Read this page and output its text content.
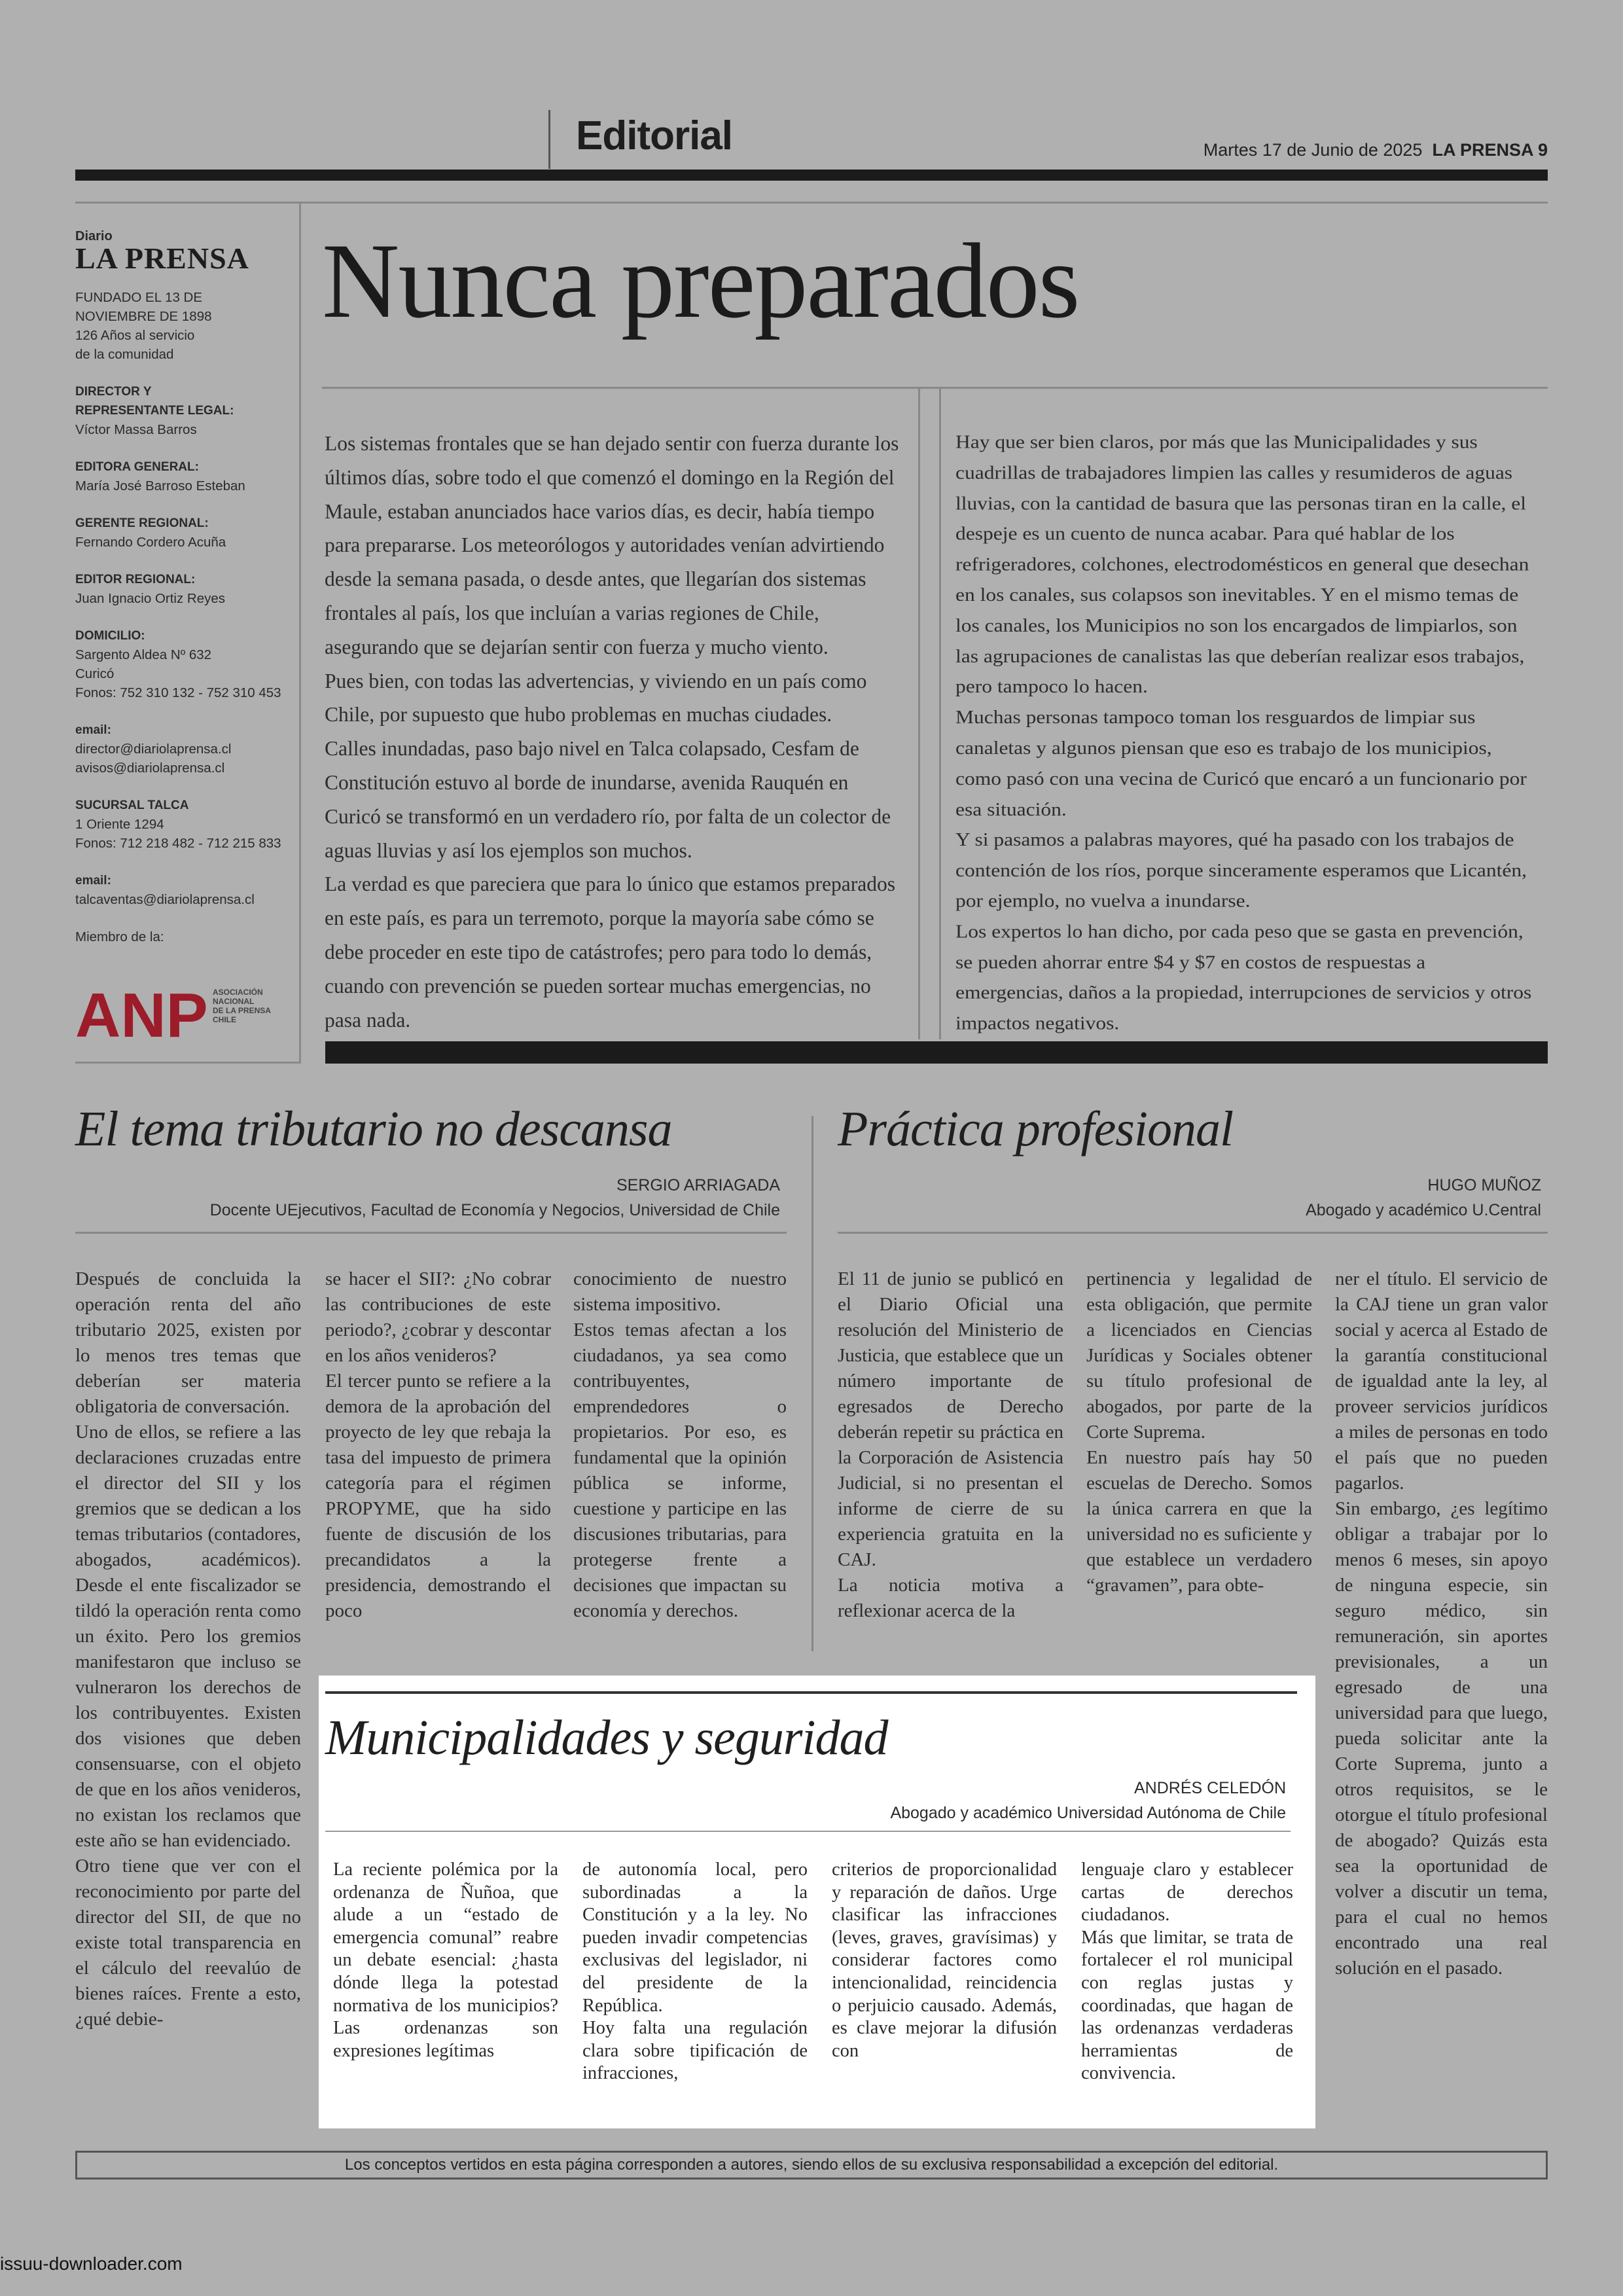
Editorial	Martes 17 de Junio de 2025 LA PRENSA 9
Diario
LA PRENSA
FUNDADO EL 13 DE
NOVIEMBRE DE 1898
126 Años al servicio
de la comunidad
DIRECTOR Y
REPRESENTANTE LEGAL:
Víctor Massa Barros
EDITORA GENERAL:
María José Barroso Esteban
GERENTE REGIONAL:
Fernando Cordero Acuña
EDITOR REGIONAL:
Juan Ignacio Ortiz Reyes
DOMICILIO:
Sargento Aldea Nº 632
Curicó
Fonos: 752 310 132 - 752 310 453
email:
director@diariolaprensa.cl
avisos@diariolaprensa.cl
SUCURSAL TALCA
1 Oriente 1294
Fonos: 712 218 482 - 712 215 833
email:
talcaventas@diariolaprensa.cl
Miembro de la:
ANP ASOCIACIÓN
NACIONAL
DE LA PRENSA
CHILE
Nunca preparados

Los sistemas frontales que se han dejado sentir con fuerza durante los últimos días, sobre todo el que comenzó el domingo en la Región del Maule, estaban anunciados hace varios días, es decir, había tiempo para prepararse. Los meteorólogos y autoridades venían advirtiendo desde la semana pasada, o desde antes, que llegarían dos sistemas frontales al país, los que incluían a varias regiones de Chile, asegurando que se dejarían sentir con fuerza y mucho viento.

Pues bien, con todas las advertencias, y viviendo en un país como Chile, por supuesto que hubo problemas en muchas ciudades.

Calles inundadas, paso bajo nivel en Talca colapsado, Cesfam de Constitución estuvo al borde de inundarse, avenida Rauquén en Curicó se transformó en un verdadero río, por falta de un colector de aguas lluvias y así los ejemplos son muchos.

La verdad es que pareciera que para lo único que estamos preparados en este país, es para un terremoto, porque la mayoría sabe cómo se debe proceder en este tipo de catástrofes; pero para todo lo demás, cuando con prevención se pueden sortear muchas emergencias, no pasa nada.

Hay que ser bien claros, por más que las Municipalidades y sus cuadrillas de trabajadores limpien las calles y resumideros de aguas lluvias, con la cantidad de basura que las personas tiran en la calle, el despeje es un cuento de nunca acabar. Para qué hablar de los refrigeradores, colchones, electrodomésticos en general que desechan en los canales, sus colapsos son inevitables. Y en el mismo temas de los canales, los Municipios no son los encargados de limpiarlos, son las agrupaciones de canalistas las que deberían realizar esos trabajos, pero tampoco lo hacen.

Muchas personas tampoco toman los resguardos de limpiar sus canaletas y algunos piensan que eso es trabajo de los municipios, como pasó con una vecina de Curicó que encaró a un funcionario por esa situación.

Y si pasamos a palabras mayores, qué ha pasado con los trabajos de contención de los ríos, porque sinceramente esperamos que Licantén, por ejemplo, no vuelva a inundarse.

Los expertos lo han dicho, por cada peso que se gasta en prevención, se pueden ahorrar entre $4 y $7 en costos de respuestas a emergencias, daños a la propiedad, interrupciones de servicios y otros impactos negativos.

El tema tributario no descansa
SERGIO ARRIAGADA
Docente UEjecutivos, Facultad de Economía y Negocios, Universidad de Chile

Después de concluida la operación renta del año tributario 2025, existen por lo menos tres temas que deberían ser materia obligatoria de conversación.

Uno de ellos, se refiere a las declaraciones cruzadas entre el director del SII y los gremios que se dedican a los temas tributarios (contadores, abogados, académicos). Desde el ente fiscalizador se tildó la operación renta como un éxito. Pero los gremios manifestaron que incluso se vulneraron los derechos de los contribuyentes. Existen dos visiones que deben consensuarse, con el objeto de que en los años venideros, no existan los reclamos que este año se han evidenciado.

Otro tiene que ver con el reconocimiento por parte del director del SII, de que no existe total transparencia en el cálculo del reevalúo de bienes raíces. Frente a esto, ¿qué debie-

se hacer el SII?: ¿No cobrar las contribuciones de este periodo?, ¿cobrar y descontar en los años venideros?

El tercer punto se refiere a la demora de la aprobación del proyecto de ley que rebaja la tasa del impuesto de primera categoría para el régimen PROPYME, que ha sido fuente de discusión de los precandidatos a la presidencia, demostrando el poco

conocimiento de nuestro sistema impositivo.

Estos temas afectan a los ciudadanos, ya sea como contribuyentes, emprendedores o propietarios. Por eso, es fundamental que la opinión pública se informe, cuestione y participe en las discusiones tributarias, para protegerse frente a decisiones que impactan su economía y derechos.

Práctica profesional
HUGO MUÑOZ
Abogado y académico U.Central

El 11 de junio se publicó en el Diario Oficial una resolución del Ministerio de Justicia, que establece que un número importante de egresados de Derecho deberán repetir su práctica en la Corporación de Asistencia Judicial, si no presentan el informe de cierre de su experiencia gratuita en la CAJ.

La noticia motiva a reflexionar acerca de la

pertinencia y legalidad de esta obligación, que permite a licenciados en Ciencias Jurídicas y Sociales obtener su título profesional de abogados, por parte de la Corte Suprema.

En nuestro país hay 50 escuelas de Derecho. Somos la única carrera en que la universidad no es suficiente y que establece un verdadero “gravamen”, para obte-

ner el título. El servicio de la CAJ tiene un gran valor social y acerca al Estado de la garantía constitucional de igualdad ante la ley, al proveer servicios jurídicos a miles de personas en todo el país que no pueden pagarlos.

Sin embargo, ¿es legítimo obligar a trabajar por lo menos 6 meses, sin apoyo de ninguna especie, sin seguro médico, sin remuneración, sin aportes previsionales, a un egresado de una universidad para que luego, pueda solicitar ante la Corte Suprema, junto a otros requisitos, se le otorgue el título profesional de abogado? Quizás esta sea la oportunidad de volver a discutir un tema, para el cual no hemos encontrado una real solución en el pasado.

Municipalidades y seguridad
ANDRÉS CELEDÓN
Abogado y académico Universidad Autónoma de Chile

La reciente polémica por la ordenanza de Ñuñoa, que alude a un “estado de emergencia comunal” reabre un debate esencial: ¿hasta dónde llega la potestad normativa de los municipios? Las ordenanzas son expresiones legítimas

de autonomía local, pero subordinadas a la Constitución y a la ley. No pueden invadir competencias exclusivas del legislador, ni del presidente de la República.

Hoy falta una regulación clara sobre tipificación de infracciones,

criterios de proporcionalidad y reparación de daños. Urge clasificar las infracciones (leves, graves, gravísimas) y considerar factores como intencionalidad, reincidencia o perjuicio causado. Además, es clave mejorar la difusión con

lenguaje claro y establecer cartas de derechos ciudadanos.

Más que limitar, se trata de fortalecer el rol municipal con reglas justas y coordinadas, que hagan de las ordenanzas verdaderas herramientas de convivencia.

Los conceptos vertidos en esta página corresponden a autores, siendo ellos de su exclusiva responsabilidad a excepción del editorial.
issuu-downloader.com
